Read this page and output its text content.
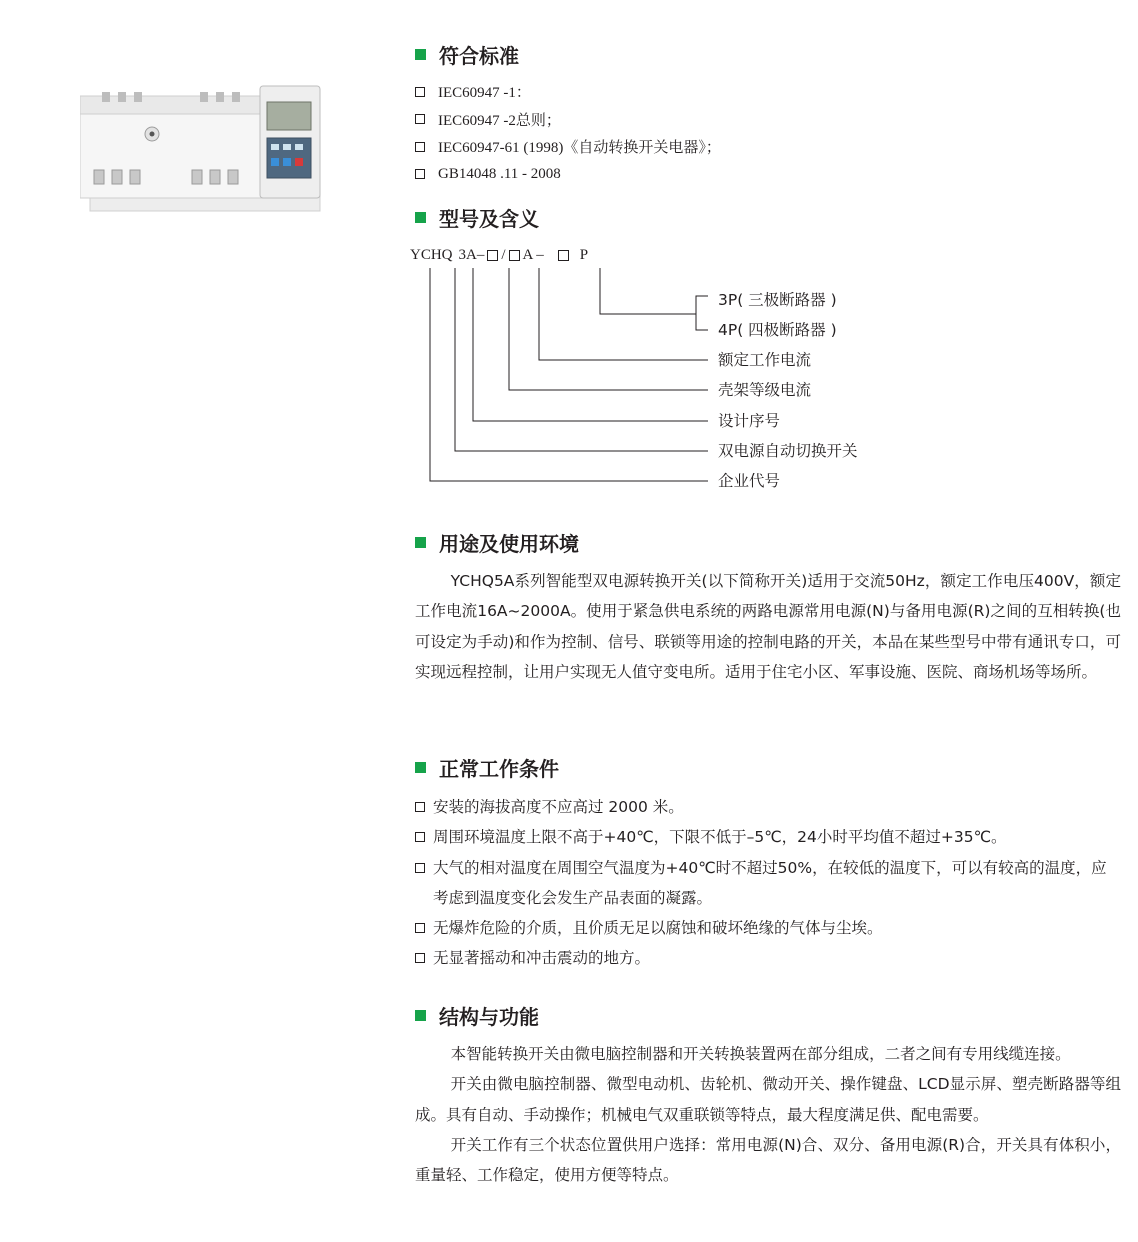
符合标准
IEC60947 -1：
IEC60947 -2总则；
IEC60947-61 (1998)《自动转换开关电器》；
GB14048 .11 - 2008
型号及含义
YCHQ 3A– / A – P
3P( 三极断路器 )
4P( 四极断路器 )
额定工作电流
壳架等级电流
设计序号
双电源自动切换开关
企业代号
用途及使用环境

YCHQ5A系列智能型双电源转换开关(以下简称开关)适用于交流50Hz，额定工作电压400V，额定工作电流16A~2000A。使用于紧急供电系统的两路电源常用电源(N)与备用电源(R)之间的互相转换(也可设定为手动)和作为控制、信号、联锁等用途的控制电路的开关，本品在某些型号中带有通讯专口，可实现远程控制，让用户实现无人值守变电所。适用于住宅小区、军事设施、医院、商场机场等场所。

正常工作条件
安装的海拔高度不应高过 2000 米。
周围环境温度上限不高于+40℃，下限不低于–5℃，24小时平均值不超过+35℃。
大气的相对温度在周围空气温度为+40℃时不超过50%，在较低的温度下，可以有较高的温度，应考虑到温度变化会发生产品表面的凝露。
无爆炸危险的介质，且价质无足以腐蚀和破坏绝缘的气体与尘埃。
无显著摇动和冲击震动的地方。
结构与功能

本智能转换开关由微电脑控制器和开关转换装置两在部分组成，二者之间有专用线缆连接。

开关由微电脑控制器、微型电动机、齿轮机、微动开关、操作键盘、LCD显示屏、塑壳断路器等组成。具有自动、手动操作；机械电气双重联锁等特点，最大程度满足供、配电需要。

开关工作有三个状态位置供用户选择：常用电源(N)合、双分、备用电源(R)合，开关具有体积小，重量轻、工作稳定，使用方便等特点。
